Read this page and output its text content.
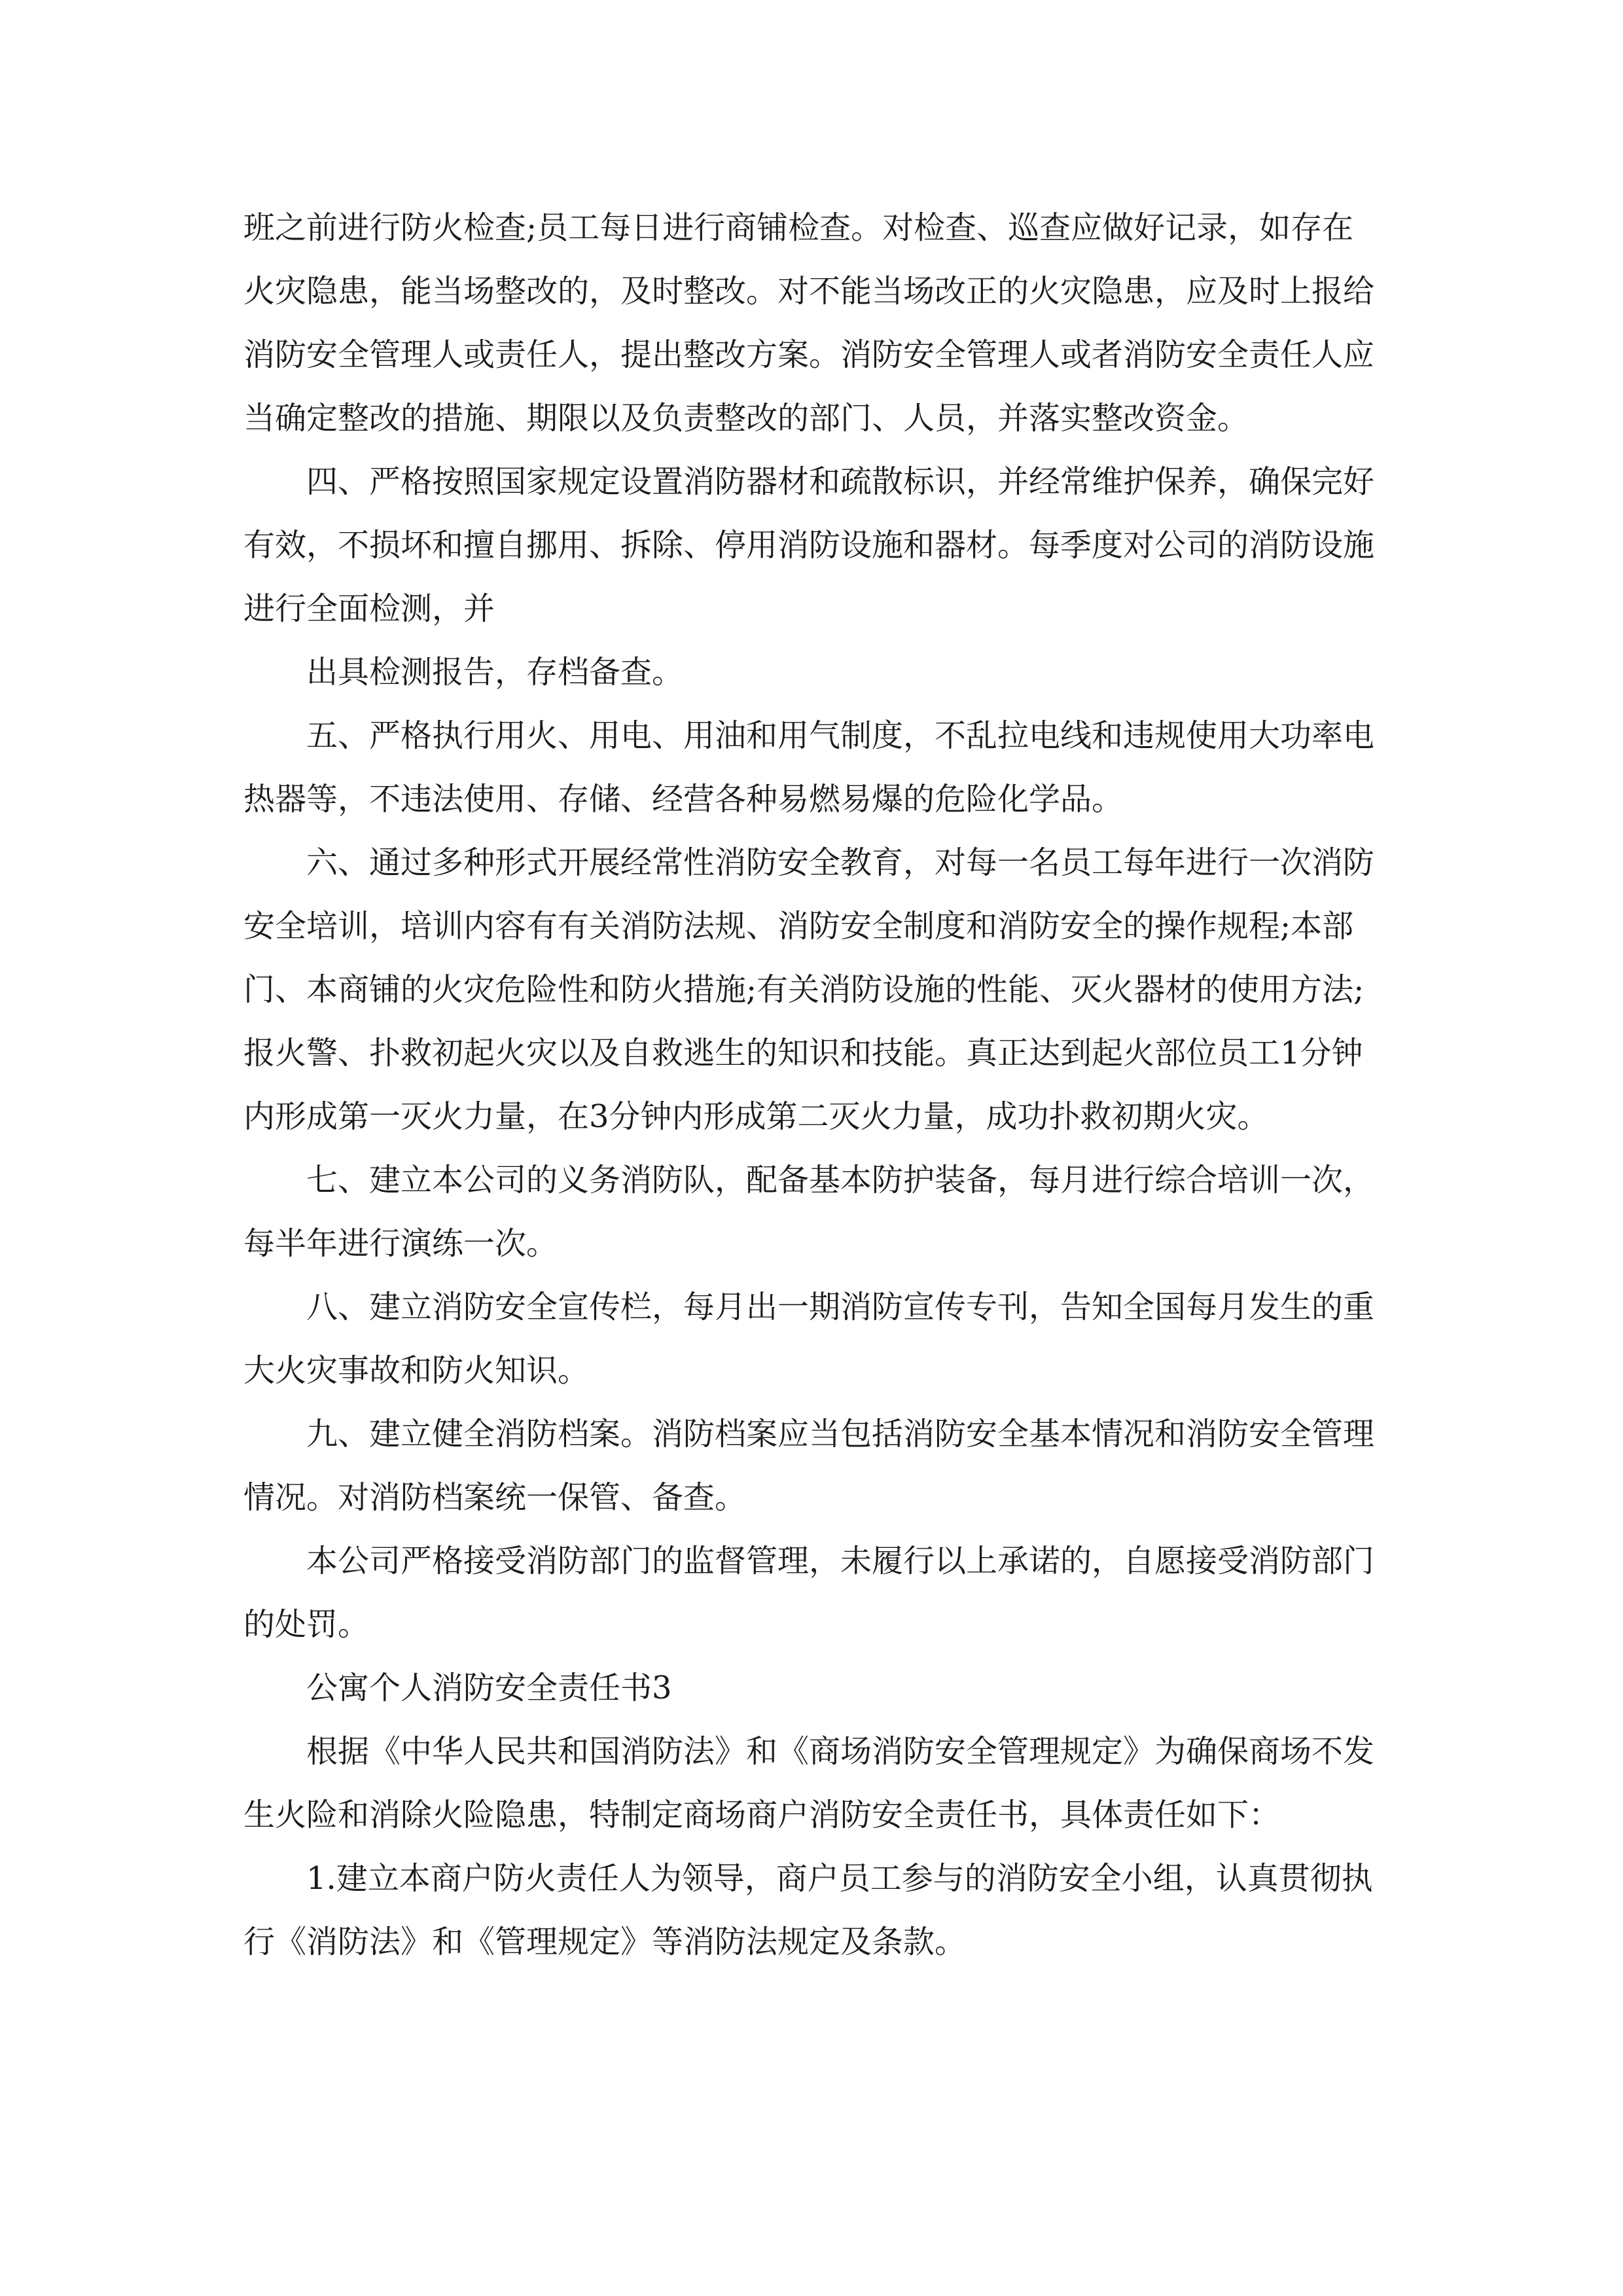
班之前进行防火检查;员工每日进行商铺检查。对检查、巡查应做好记录，如存在火灾隐患，能当场整改的，及时整改。对不能当场改正的火灾隐患，应及时上报给消防安全管理人或责任人，提出整改方案。消防安全管理人或者消防安全责任人应当确定整改的措施、期限以及负责整改的部门、人员，并落实整改资金。

四、严格按照国家规定设置消防器材和疏散标识，并经常维护保养，确保完好有效，不损坏和擅自挪用、拆除、停用消防设施和器材。每季度对公司的消防设施进行全面检测，并

出具检测报告，存档备查。

五、严格执行用火、用电、用油和用气制度，不乱拉电线和违规使用大功率电热器等，不违法使用、存储、经营各种易燃易爆的危险化学品。

六、通过多种形式开展经常性消防安全教育，对每一名员工每年进行一次消防安全培训，培训内容有有关消防法规、消防安全制度和消防安全的操作规程;本部门、本商铺的火灾危险性和防火措施;有关消防设施的性能、灭火器材的使用方法;报火警、扑救初起火灾以及自救逃生的知识和技能。真正达到起火部位员工1分钟内形成第一灭火力量，在3分钟内形成第二灭火力量，成功扑救初期火灾。

七、建立本公司的义务消防队，配备基本防护装备，每月进行综合培训一次，每半年进行演练一次。

八、建立消防安全宣传栏，每月出一期消防宣传专刊，告知全国每月发生的重大火灾事故和防火知识。

九、建立健全消防档案。消防档案应当包括消防安全基本情况和消防安全管理情况。对消防档案统一保管、备查。

本公司严格接受消防部门的监督管理，未履行以上承诺的，自愿接受消防部门的处罚。

公寓个人消防安全责任书3

根据《中华人民共和国消防法》和《商场消防安全管理规定》为确保商场不发生火险和消除火险隐患，特制定商场商户消防安全责任书，具体责任如下：

1.建立本商户防火责任人为领导，商户员工参与的消防安全小组，认真贯彻执行《消防法》和《管理规定》等消防法规定及条款。
